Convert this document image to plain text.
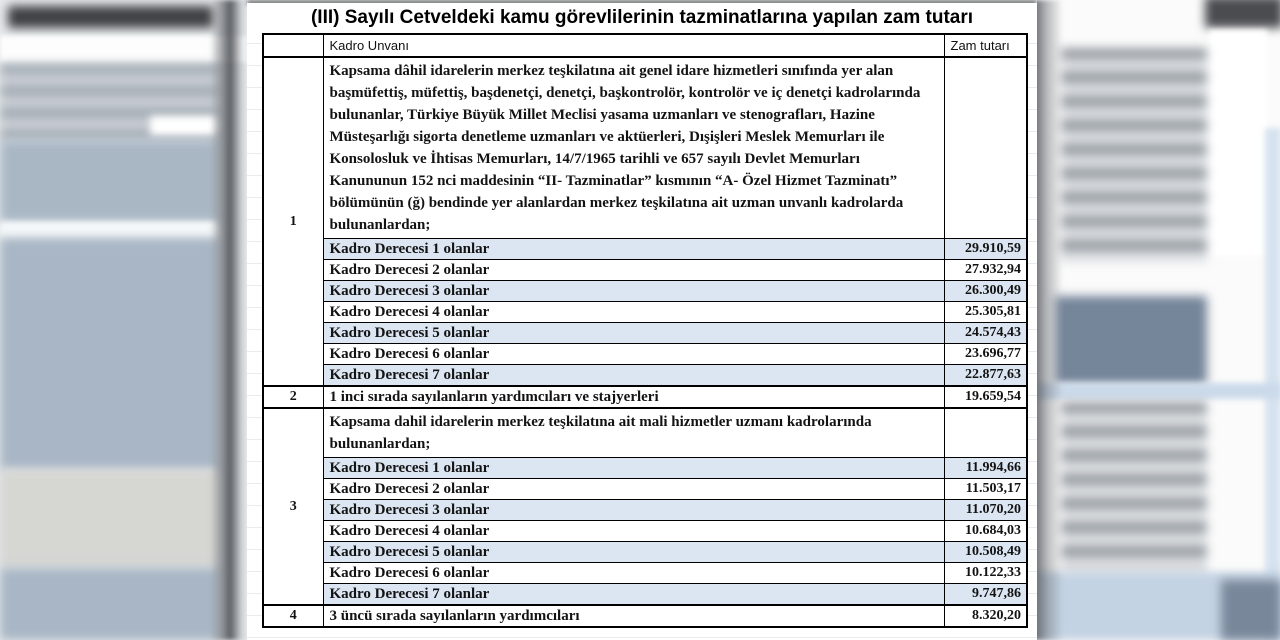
(III) Sayılı Cetveldeki kamu görevlilerinin tazminatlarına yapılan zam tutarı
	Kadro Unvanı	Zam tutarı
1	Kapsama dâhil idarelerin merkez teşkilatına ait genel idare hizmetleri sınıfında yer alan başmüfettiş, müfettiş, başdenetçi, denetçi, başkontrolör, kontrolör ve iç denetçi kadrolarında bulunanlar, Türkiye Büyük Millet Meclisi yasama uzmanları ve stenografları, Hazine Müsteşarlığı sigorta denetleme uzmanları ve aktüerleri, Dışişleri Meslek Memurları ile Konsolosluk ve İhtisas Memurları, 14/7/1965 tarihli ve 657 sayılı Devlet Memurları Kanununun 152 nci maddesinin “II- Tazminatlar” kısmının “A- Özel Hizmet Tazminatı” bölümünün (ğ) bendinde yer alanlardan merkez teşkilatına ait uzman unvanlı kadrolarda bulunanlardan;	
	Kadro Derecesi 1 olanlar	29.910,59
	Kadro Derecesi 2 olanlar	27.932,94
	Kadro Derecesi 3 olanlar	26.300,49
	Kadro Derecesi 4 olanlar	25.305,81
	Kadro Derecesi 5 olanlar	24.574,43
	Kadro Derecesi 6 olanlar	23.696,77
	Kadro Derecesi 7 olanlar	22.877,63
2	1 inci sırada sayılanların yardımcıları ve stajyerleri	19.659,54
3	Kapsama dahil idarelerin merkez teşkilatına ait mali hizmetler uzmanı kadrolarında bulunanlardan;	
	Kadro Derecesi 1 olanlar	11.994,66
	Kadro Derecesi 2 olanlar	11.503,17
	Kadro Derecesi 3 olanlar	11.070,20
	Kadro Derecesi 4 olanlar	10.684,03
	Kadro Derecesi 5 olanlar	10.508,49
	Kadro Derecesi 6 olanlar	10.122,33
	Kadro Derecesi 7 olanlar	9.747,86
4	3 üncü sırada sayılanların yardımcıları	8.320,20
